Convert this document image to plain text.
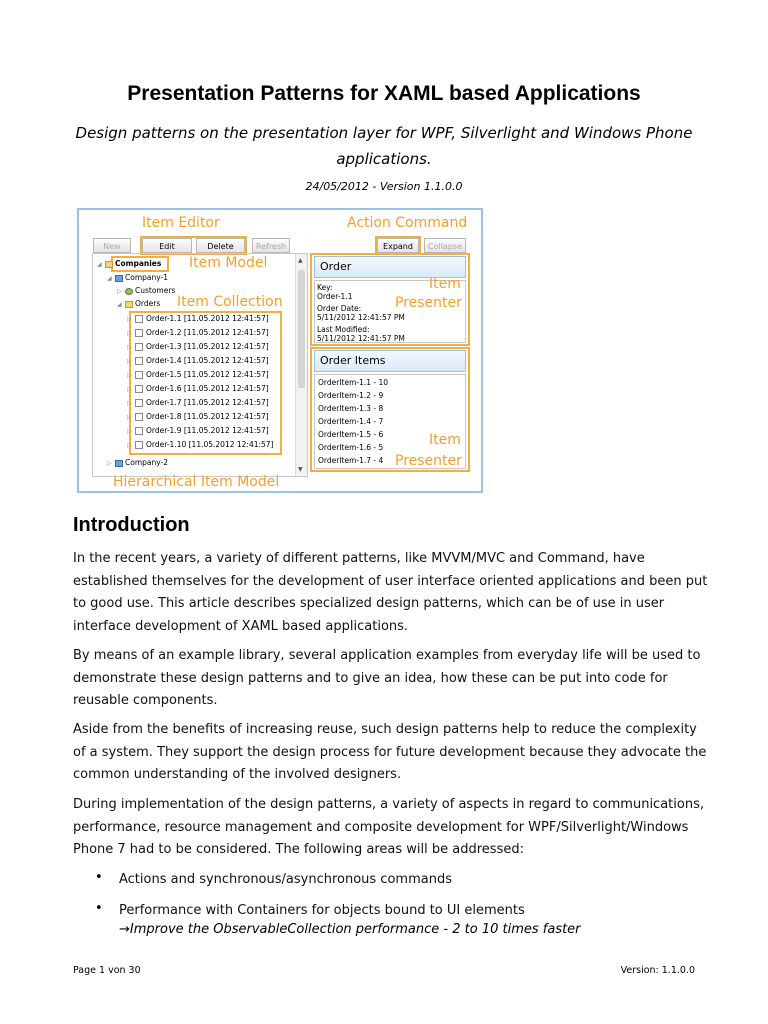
Presentation Patterns for XAML based Applications
Design patterns on the presentation layer for WPF, Silverlight and Windows Phone applications.
24/05/2012 - Version 1.1.0.0
Item Editor	Action Command
New	Edit	Delete	Refresh	Expand	Collapse
▲
▼
◢ Companies Item Model
◢ Company-1
▷ Customers
◢ Orders Item Collection
▷ Order-1.1 [11.05.2012 12:41:57]
▷ Order-1.2 [11.05.2012 12:41:57]
▷ Order-1.3 [11.05.2012 12:41:57]
▷ Order-1.4 [11.05.2012 12:41:57]
▷ Order-1.5 [11.05.2012 12:41:57]
▷ Order-1.6 [11.05.2012 12:41:57]
▷ Order-1.7 [11.05.2012 12:41:57]
▷ Order-1.8 [11.05.2012 12:41:57]
▷ Order-1.9 [11.05.2012 12:41:57]
▷ Order-1.10 [11.05.2012 12:41:57]
▷ Company-2
Order
Key:
Order-1.1
Order Date:
5/11/2012 12:41:57 PM
Last Modified:
5/11/2012 12:41:57 PM
Item
Presenter
Order Items
OrderItem-1.1 - 10
OrderItem-1.2 - 9
OrderItem-1.3 - 8
OrderItem-1.4 - 7
OrderItem-1.5 - 6
OrderItem-1.6 - 5
OrderItem-1.7 - 4
Item
Presenter
Hierarchical Item Model
Introduction
In the recent years, a variety of different patterns, like MVVM/MVC and Command, have established themselves for the development of user interface oriented applications and been put to good use. This article describes specialized design patterns, which can be of use in user interface development of XAML based applications.
By means of an example library, several application examples from everyday life will be used to demonstrate these design patterns and to give an idea, how these can be put into code for reusable components.
Aside from the benefits of increasing reuse, such design patterns help to reduce the complexity of a system. They support the design process for future development because they advocate the common understanding of the involved designers.
During implementation of the design patterns, a variety of aspects in regard to communications, performance, resource management and composite development for WPF/Silverlight/Windows Phone 7 had to be considered. The following areas will be addressed:
• Actions and synchronous/asynchronous commands
• Performance with Containers for objects bound to UI elements
→Improve the ObservableCollection performance - 2 to 10 times faster
Page 1 von 30	Version: 1.1.0.0
